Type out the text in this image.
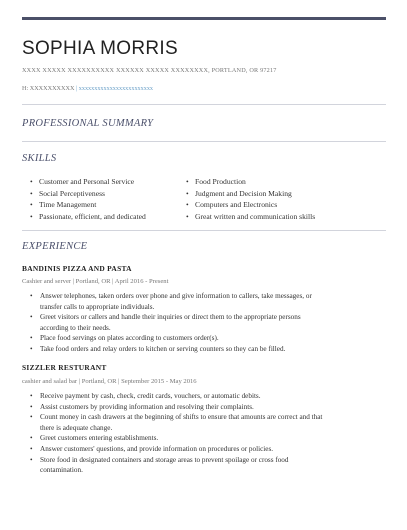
SOPHIA MORRIS
XXXX XXXXX XXXXXXXXXX XXXXXX XXXXX XXXXXXXX, PORTLAND, OR 97217
H: XXXXXXXXXX | xxxxxxxxxxxxxxxxxxxxxxxx
PROFESSIONAL SUMMARY
SKILLS
• Customer and Personal Service
• Social Perceptiveness
• Time Management
• Passionate, efficient, and dedicated
• Food Production
• Judgment and Decision Making
• Computers and Electronics
• Great written and communication skills
EXPERIENCE
BANDINIS PIZZA AND PASTA
Cashier and server | Portland, OR | April 2016 - Present
• Answer telephones, taken orders over phone and give information to callers, take messages, or
transfer calls to appropriate individuals.
• Greet visitors or callers and handle their inquiries or direct them to the appropriate persons
according to their needs.
• Place food servings on plates according to customers order(s).
• Take food orders and relay orders to kitchen or serving counters so they can be filled.
SIZZLER RESTURANT
cashier and salad bar | Portland, OR | September 2015 - May 2016
• Receive payment by cash, check, credit cards, vouchers, or automatic debits.
• Assist customers by providing information and resolving their complaints.
• Count money in cash drawers at the beginning of shifts to ensure that amounts are correct and that
there is adequate change.
• Greet customers entering establishments.
• Answer customers' questions, and provide information on procedures or policies.
• Store food in designated containers and storage areas to prevent spoilage or cross food
contamination.
